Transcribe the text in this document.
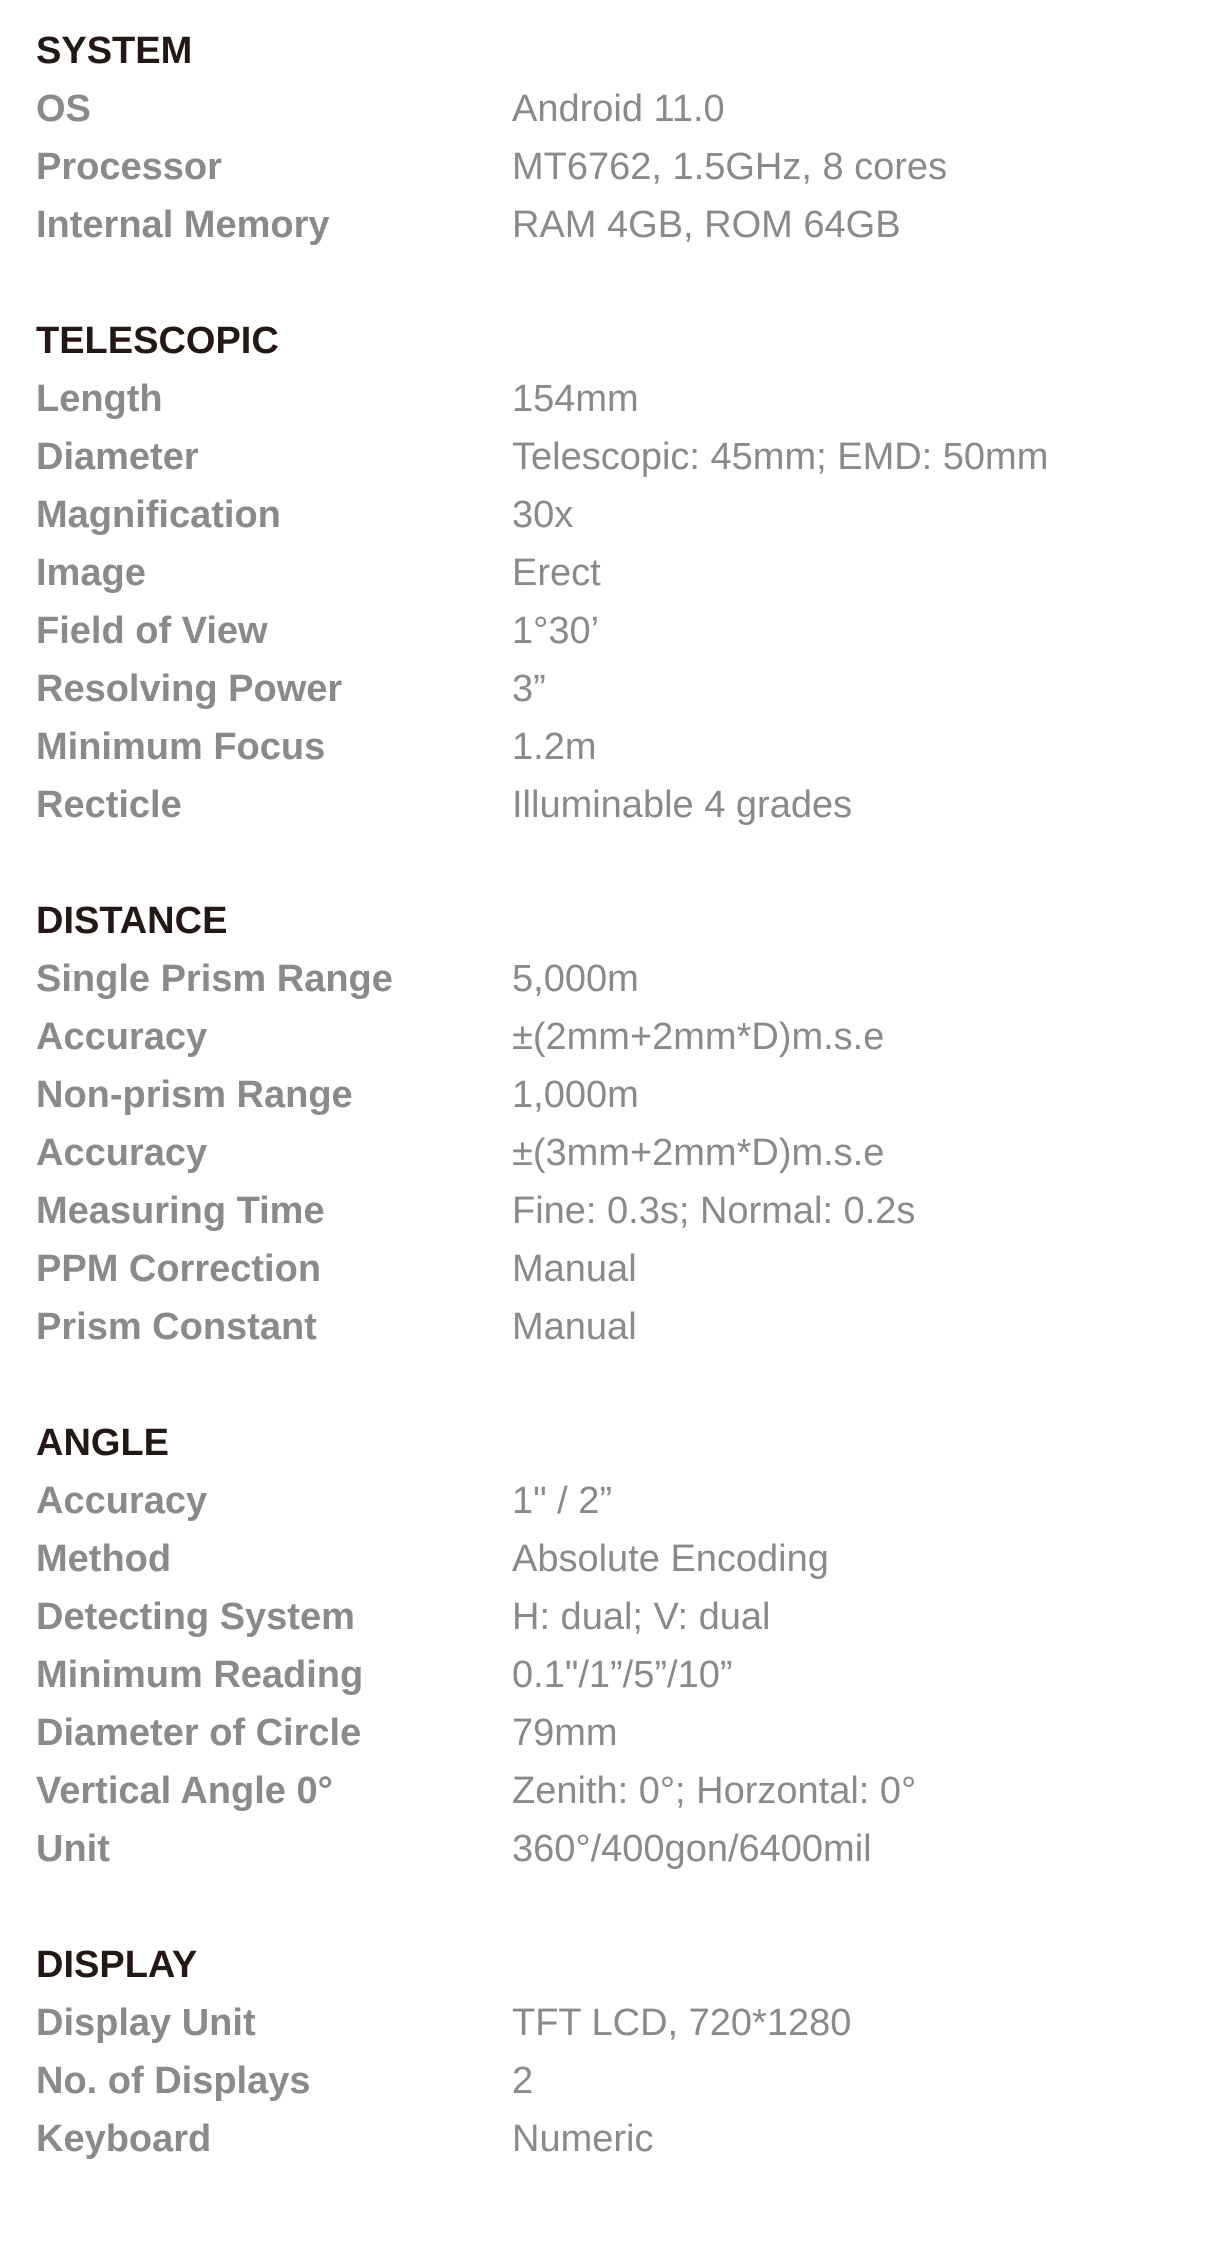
SYSTEM
OS	Android 11.0
Processor	MT6762, 1.5GHz, 8 cores
Internal Memory	RAM 4GB, ROM 64GB
TELESCOPIC
Length	154mm
Diameter	Telescopic: 45mm; EMD: 50mm
Magnification	30x
Image	Erect
Field of View	1°30’
Resolving Power	3”
Minimum Focus	1.2m
Recticle	Illuminable 4 grades
DISTANCE
Single Prism Range	5,000m
Accuracy	±(2mm+2mm*D)m.s.e
Non-prism Range	1,000m
Accuracy	±(3mm+2mm*D)m.s.e
Measuring Time	Fine: 0.3s; Normal: 0.2s
PPM Correction	Manual
Prism Constant	Manual
ANGLE
Accuracy	1" / 2”
Method	Absolute Encoding
Detecting System	H: dual; V: dual
Minimum Reading	0.1"/1”/5”/10”
Diameter of Circle	79mm
Vertical Angle 0°	Zenith: 0°; Horzontal: 0°
Unit	360°/400gon/6400mil
DISPLAY
Display Unit	TFT LCD, 720*1280
No. of Displays	2
Keyboard	Numeric
